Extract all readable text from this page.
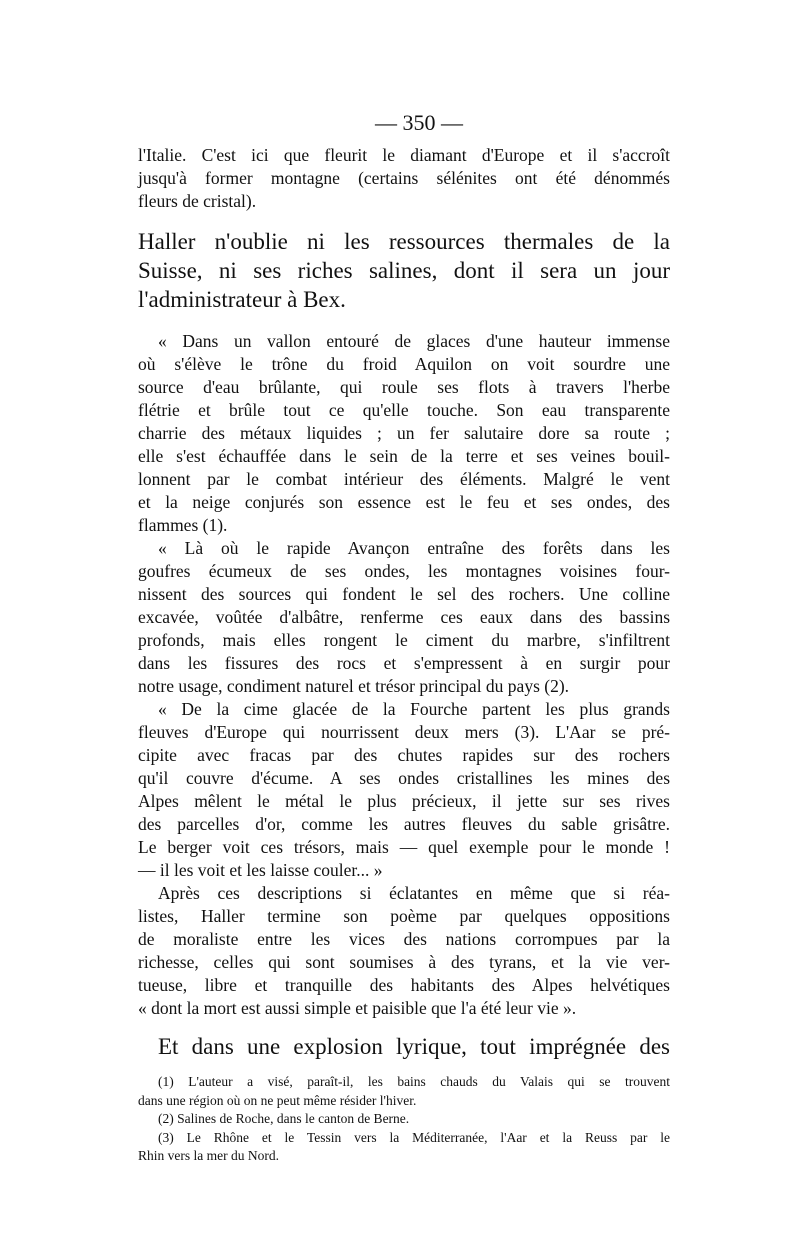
— 350 —

l'Italie. C'est ici que fleurit le diamant d'Europe et il s'accroît
jusqu'à former montagne (certains sélénites ont été dénommés
fleurs de cristal).

Haller n'oublie ni les ressources thermales de la
Suisse, ni ses riches salines, dont il sera un jour
l'administrateur à Bex.

« Dans un vallon entouré de glaces d'une hauteur immense
où s'élève le trône du froid Aquilon on voit sourdre une
source d'eau brûlante, qui roule ses flots à travers l'herbe
flétrie et brûle tout ce qu'elle touche. Son eau transparente
charrie des métaux liquides ; un fer salutaire dore sa route ;
elle s'est échauffée dans le sein de la terre et ses veines bouil-
lonnent par le combat intérieur des éléments. Malgré le vent
et la neige conjurés son essence est le feu et ses ondes, des
flammes (1).

« Là où le rapide Avançon entraîne des forêts dans les
goufres écumeux de ses ondes, les montagnes voisines four-
nissent des sources qui fondent le sel des rochers. Une colline
excavée, voûtée d'albâtre, renferme ces eaux dans des bassins
profonds, mais elles rongent le ciment du marbre, s'infiltrent
dans les fissures des rocs et s'empressent à en surgir pour
notre usage, condiment naturel et trésor principal du pays (2).

« De la cime glacée de la Fourche partent les plus grands
fleuves d'Europe qui nourrissent deux mers (3). L'Aar se pré-
cipite avec fracas par des chutes rapides sur des rochers
qu'il couvre d'écume. A ses ondes cristallines les mines des
Alpes mêlent le métal le plus précieux, il jette sur ses rives
des parcelles d'or, comme les autres fleuves du sable grisâtre.
Le berger voit ces trésors, mais — quel exemple pour le monde !
— il les voit et les laisse couler... »

Après ces descriptions si éclatantes en même que si réa-
listes, Haller termine son poème par quelques oppositions
de moraliste entre les vices des nations corrompues par la
richesse, celles qui sont soumises à des tyrans, et la vie ver-
tueuse, libre et tranquille des habitants des Alpes helvétiques
« dont la mort est aussi simple et paisible que l'a été leur vie ».

Et dans une explosion lyrique, tout imprégnée des

(1) L'auteur a visé, paraît-il, les bains chauds du Valais qui se trouvent
dans une région où on ne peut même résider l'hiver.
(2) Salines de Roche, dans le canton de Berne.
(3) Le Rhône et le Tessin vers la Méditerranée, l'Aar et la Reuss par le
Rhin vers la mer du Nord.
